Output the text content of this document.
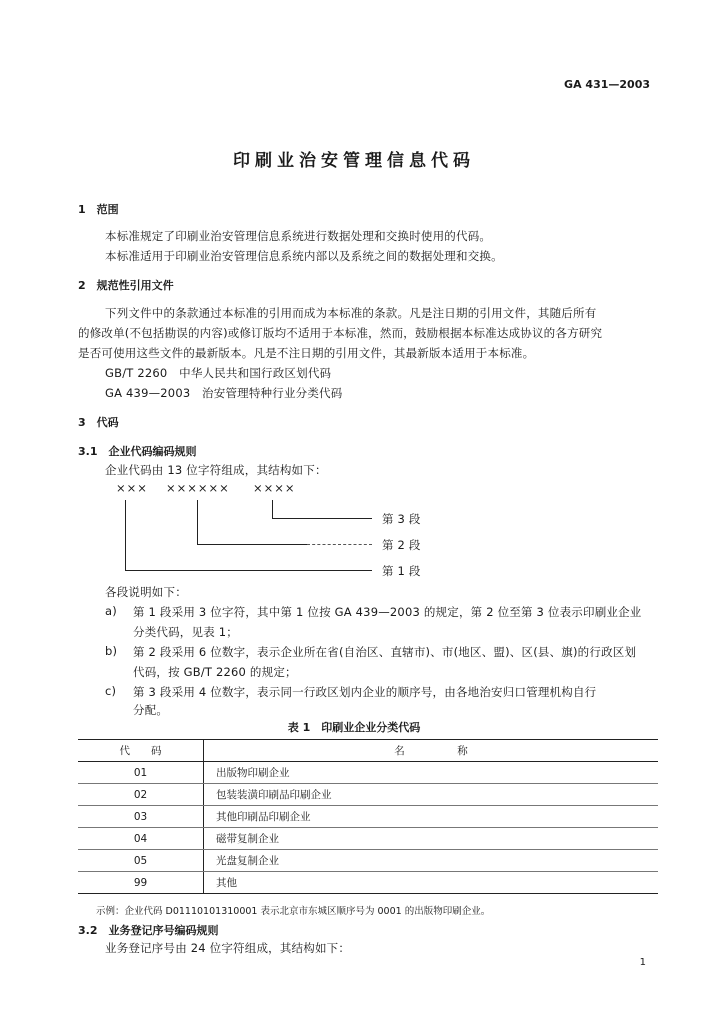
GA 431—2003
印刷业治安管理信息代码
1　范围
本标准规定了印刷业治安管理信息系统进行数据处理和交换时使用的代码。
本标准适用于印刷业治安管理信息系统内部以及系统之间的数据处理和交换。
2　规范性引用文件
下列文件中的条款通过本标准的引用而成为本标准的条款。凡是注日期的引用文件，其随后所有
的修改单(不包括勘误的内容)或修订版均不适用于本标准，然而，鼓励根据本标准达成协议的各方研究
是否可使用这些文件的最新版本。凡是不注日期的引用文件，其最新版本适用于本标准。
GB/T 2260　中华人民共和国行政区划代码
GA 439—2003　治安管理特种行业分类代码
3　代码
3.1　企业代码编码规则
企业代码由 13 位字符组成，其结构如下：
××× ×××××× ××××
第 3 段
第 2 段
第 1 段
各段说明如下：
a) 第 1 段采用 3 位字符，其中第 1 位按 GA 439—2003 的规定，第 2 位至第 3 位表示印刷业企业
分类代码，见表 1；
b) 第 2 段采用 6 位数字，表示企业所在省(自治区、直辖市)、市(地区、盟)、区(县、旗)的行政区划
代码，按 GB/T 2260 的规定；
c) 第 3 段采用 4 位数字，表示同一行政区划内企业的顺序号，由各地治安归口管理机构自行
分配。
表 1　印刷业企业分类代码
代　　码	名　　　　　称
01	出版物印刷企业
02	包装装潢印刷品印刷企业
03	其他印刷品印刷企业
04	磁带复制企业
05	光盘复制企业
99	其他
示例：企业代码 D01110101310001 表示北京市东城区顺序号为 0001 的出版物印刷企业。
3.2　业务登记序号编码规则
业务登记序号由 24 位字符组成，其结构如下：
1
